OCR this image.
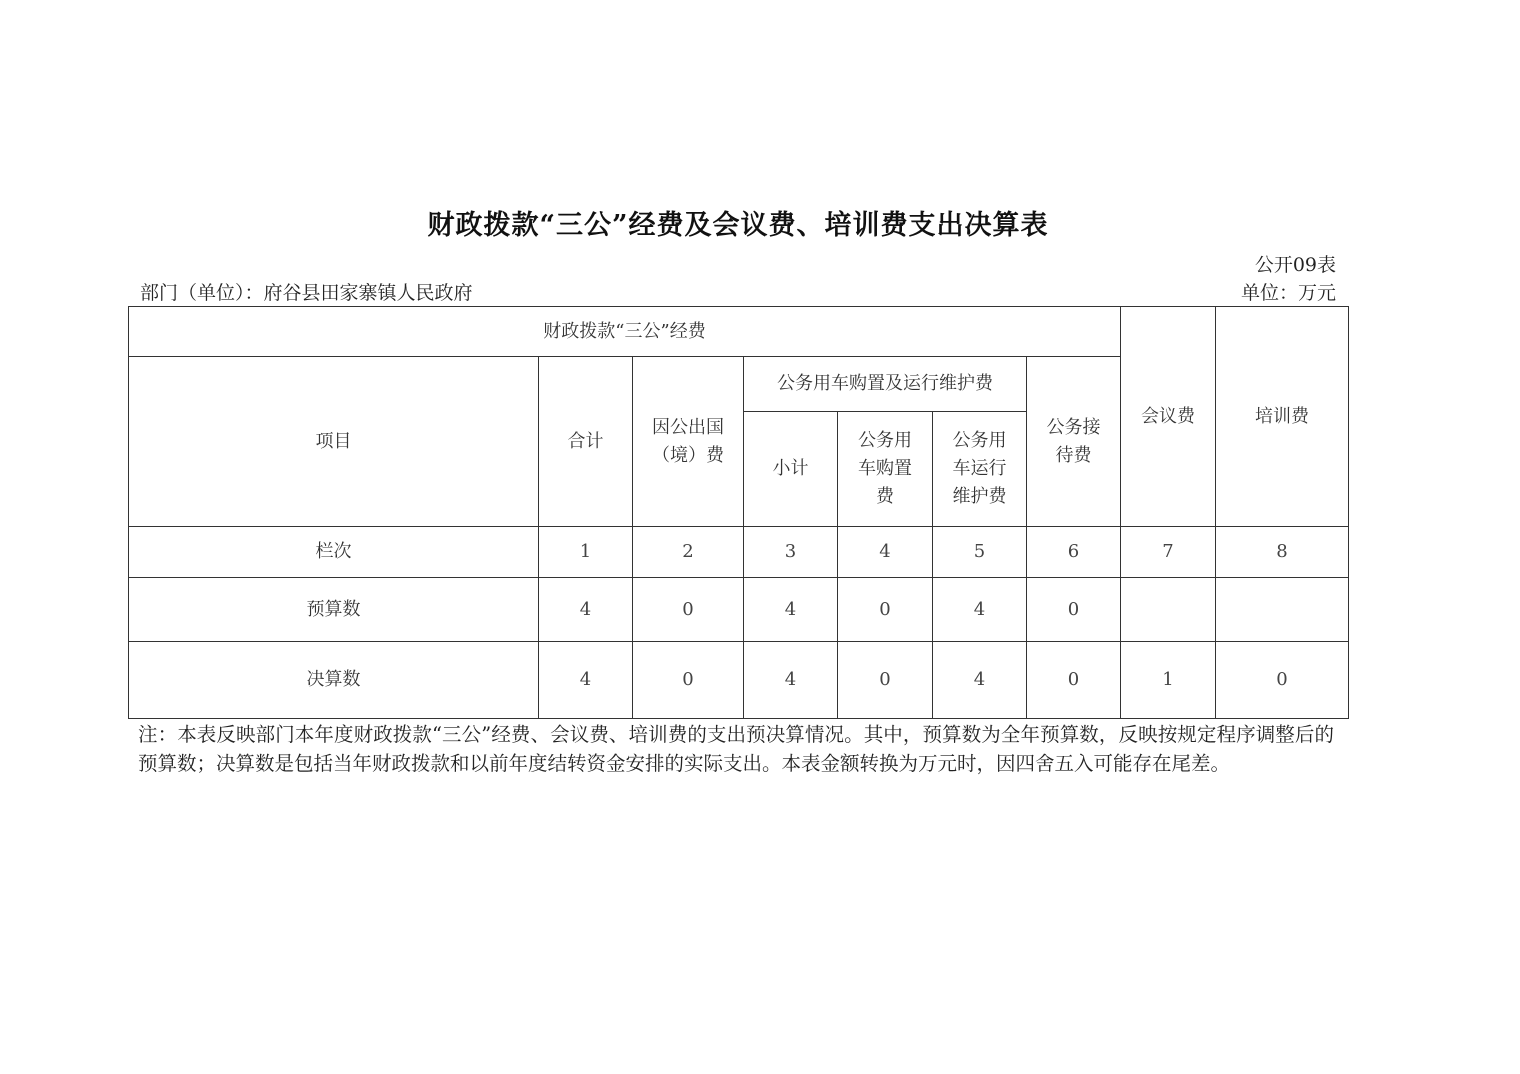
财政拨款“三公”经费及会议费、培训费支出决算表
公开09表
部门（单位）：府谷县田家寨镇人民政府	单位：万元
财政拨款“三公”经费							会议费	培训费
项目	合计	因公出国（境）费	公务用车购置及运行维护费			公务接待费		

			小计	公务用车购置费	公务用车运行维护费			

栏次	1	2	3	4	5	6	7	8
预算数	4	0	4	0	4	0		
决算数	4	0	4	0	4	0	1	0
注：本表反映部门本年度财政拨款“三公”经费、会议费、培训费的支出预决算情况。其中，预算数为全年预算数，反映按规定程序调整后的预算数；决算数是包括当年财政拨款和以前年度结转资金安排的实际支出。本表金额转换为万元时，因四舍五入可能存在尾差。
